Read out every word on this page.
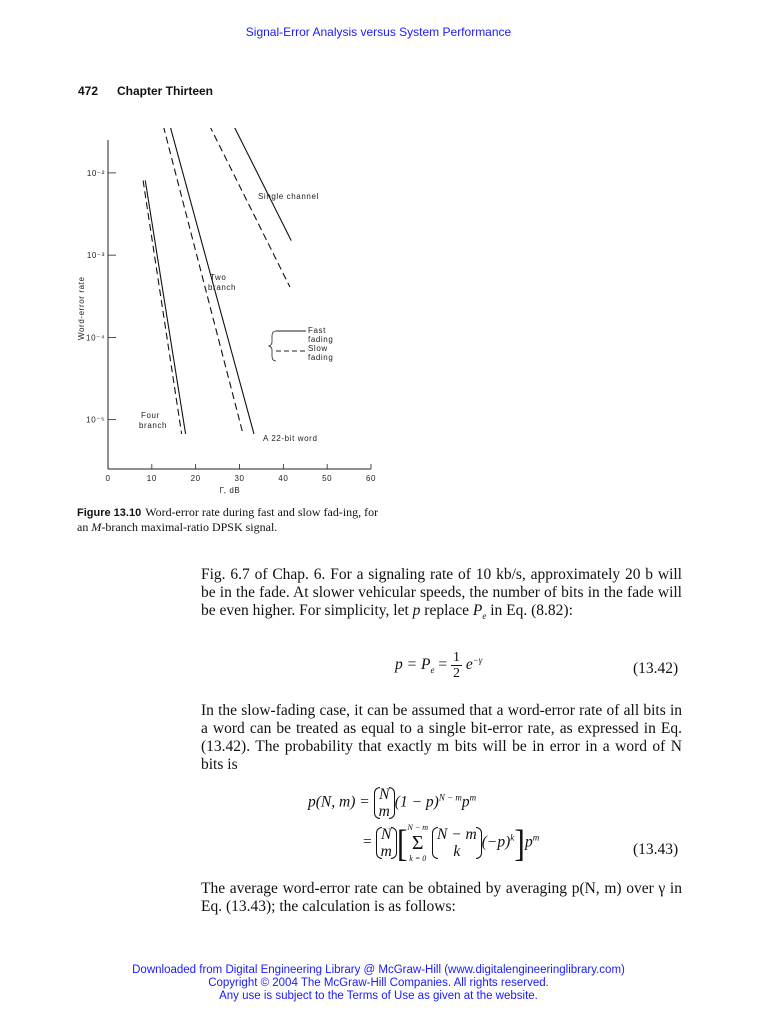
Signal-Error Analysis versus System Performance
472 Chapter Thirteen
Word-error rate
Γ, dB
Single channel
Two
branch
Four
branch
Fast
fading
Slow
fading
A 22-bit word
0	10	20	30	40	50	60
10⁻²
10⁻³
10⁻⁴
10⁻⁵
Figure 13.10 Word-error rate during fast and slow fad-ing, for an M-branch maximal-ratio DPSK signal.
Fig. 6.7 of Chap. 6. For a signaling rate of 10 kb/s, approximately 20 b will be in the fade. At slower vehicular speeds, the number of bits in the fade will be even higher. For simplicity, let p replace $P_e$ in Eq. (8.82):
$p = P_e = \frac{1}{2} e^{-\gamma}$
(13.42)
In the slow-fading case, it can be assumed that a word-error rate of all bits in a word can be treated as equal to a single bit-error rate, as expressed in Eq. (13.42). The probability that exactly m bits will be in error in a word of N bits is
p(N, m) = N
m
$(1 - p)^{N - m}p^m$
= N
m [ N − m
Σ
k = 0
N − m
k
$(-p)^k]p^m$
(13.43)
The average word-error rate can be obtained by averaging p(N, m) over γ in Eq. (13.43); the calculation is as follows:
Downloaded from Digital Engineering Library @ McGraw-Hill (www.digitalengineeringlibrary.com)
Copyright © 2004 The McGraw-Hill Companies. All rights reserved.
Any use is subject to the Terms of Use as given at the website.
